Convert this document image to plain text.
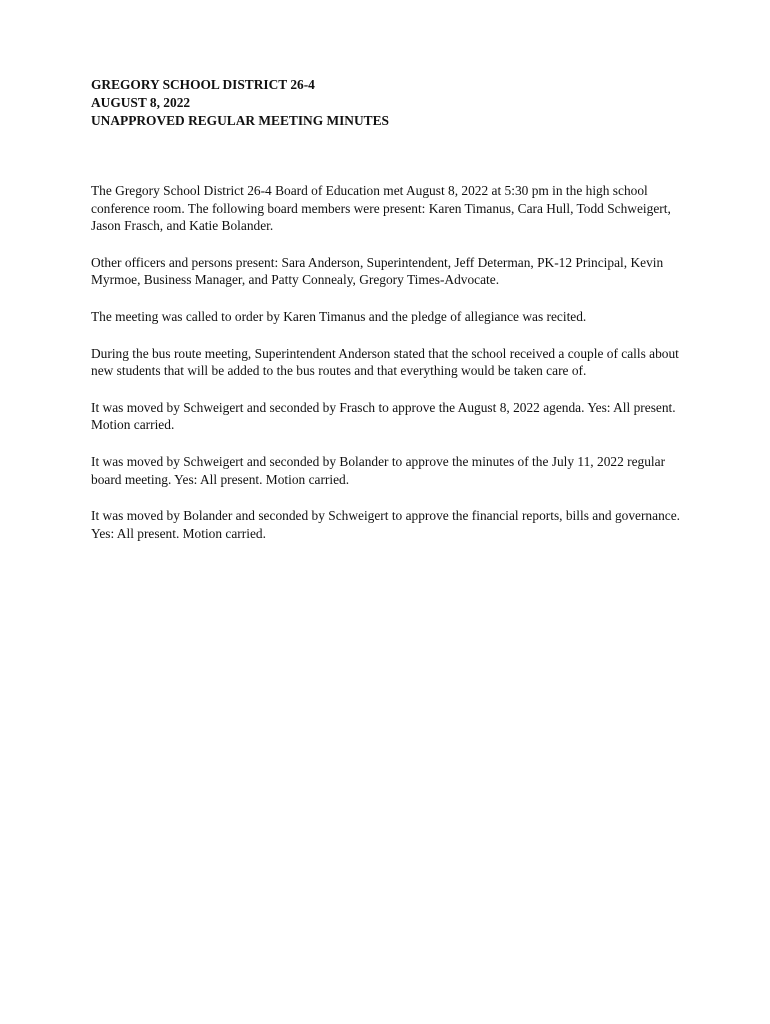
GREGORY SCHOOL DISTRICT 26-4
AUGUST 8, 2022
UNAPPROVED REGULAR MEETING MINUTES

The Gregory School District 26-4 Board of Education met August 8, 2022 at 5:30 pm in the high school conference room. The following board members were present: Karen Timanus, Cara Hull, Todd Schweigert, Jason Frasch, and Katie Bolander.

Other officers and persons present: Sara Anderson, Superintendent, Jeff Determan, PK-12 Principal, Kevin Myrmoe, Business Manager, and Patty Connealy, Gregory Times-Advocate.

The meeting was called to order by Karen Timanus and the pledge of allegiance was recited.

During the bus route meeting, Superintendent Anderson stated that the school received a couple of calls about new students that will be added to the bus routes and that everything would be taken care of.

It was moved by Schweigert and seconded by Frasch to approve the August 8, 2022 agenda. Yes: All present. Motion carried.

It was moved by Schweigert and seconded by Bolander to approve the minutes of the July 11, 2022 regular board meeting. Yes: All present. Motion carried.

It was moved by Bolander and seconded by Schweigert to approve the financial reports, bills and governance. Yes: All present. Motion carried.
